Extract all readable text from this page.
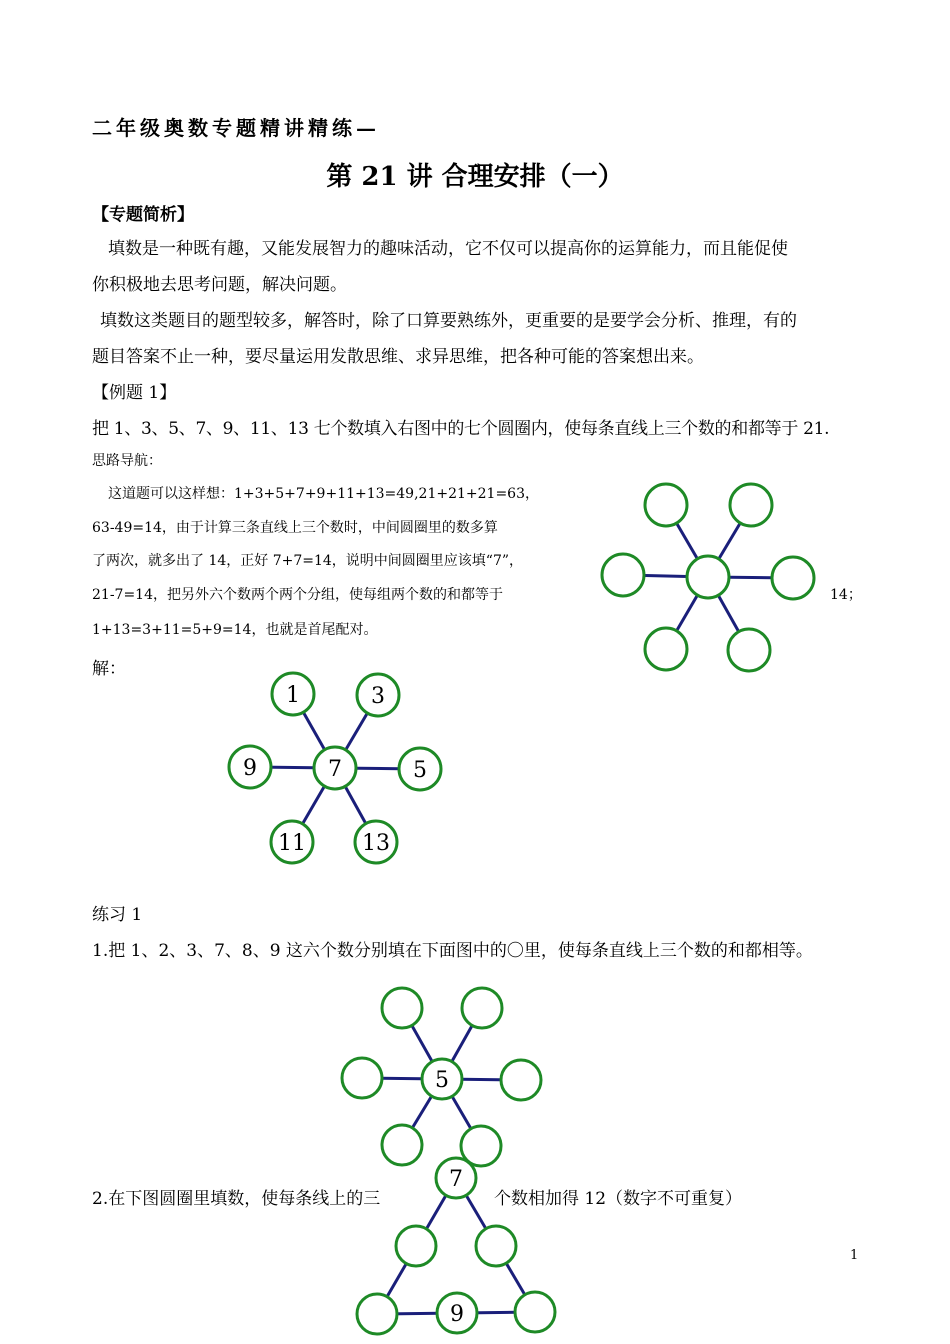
二年级奥数专题精讲精练—
第 21 讲 合理安排（一）
【专题简析】
填数是一种既有趣，又能发展智力的趣味活动，它不仅可以提高你的运算能力，而且能促使
你积极地去思考问题，解决问题。
填数这类题目的题型较多，解答时，除了口算要熟练外，更重要的是要学会分析、推理，有的
题目答案不止一种，要尽量运用发散思维、求异思维，把各种可能的答案想出来。
【例题 1】
把 1、3、5、7、9、11、13 七个数填入右图中的七个圆圈内，使每条直线上三个数的和都等于 21.
思路导航：
这道题可以这样想：1+3+5+7+9+11+13=49,21+21+21=63，
63-49=14，由于计算三条直线上三个数时，中间圆圈里的数多算
了两次，就多出了 14，正好 7+7=14，说明中间圆圈里应该填“7”，
21-7=14，把另外六个数两个两个分组，使每组两个数的和都等于	14；
1+13=3+11=5+9=14，也就是首尾配对。
解：
1	3
9	7	5
11	13
练习 1
1.把 1、2、3、7、8、9 这六个数分别填在下面图中的〇里，使每条直线上三个数的和都相等。
5
2.在下图圆圈里填数，使每条线上的三	个数相加得 12（数字不可重复）
7
9
1
